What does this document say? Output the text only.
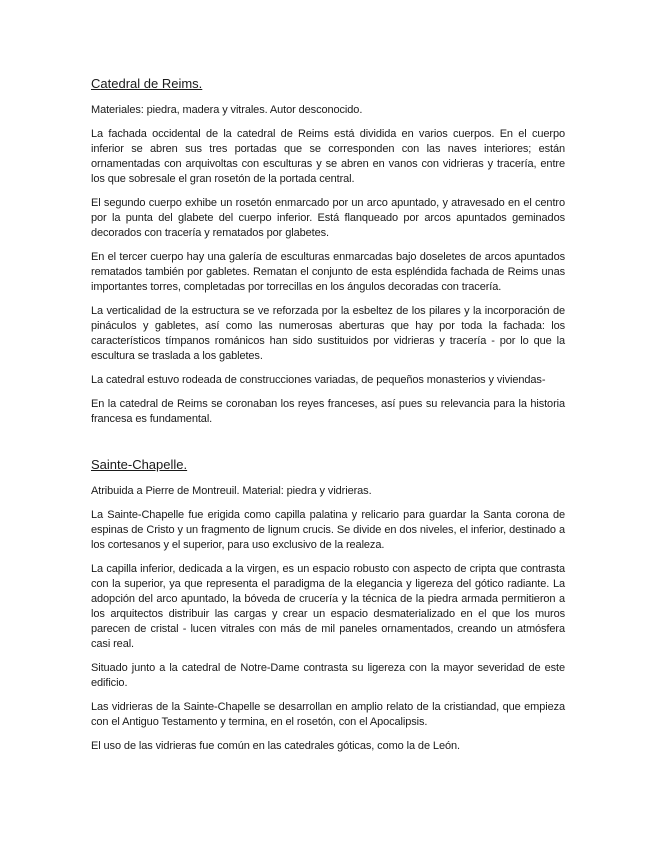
Catedral de Reims.

Materiales: piedra, madera y vitrales. Autor desconocido.

La fachada occidental de la catedral de Reims está dividida en varios cuerpos. En el cuerpo inferior se abren sus tres portadas que se corresponden con las naves interiores; están ornamentadas con arquivoltas con esculturas y se abren en vanos con vidrieras y tracería, entre los que sobresale el gran rosetón de la portada central.

El segundo cuerpo exhibe un rosetón enmarcado por un arco apuntado, y atravesado en el centro por la punta del glabete del cuerpo inferior. Está flanqueado por arcos apuntados geminados decorados con tracería y rematados por glabetes.

En el tercer cuerpo hay una galería de esculturas enmarcadas bajo doseletes de arcos apuntados rematados también por gabletes. Rematan el conjunto de esta espléndida fachada de Reims unas importantes torres, completadas por torrecillas en los ángulos decoradas con tracería.

La verticalidad de la estructura se ve reforzada por la esbeltez de los pilares y la incorporación de pináculos y gabletes, así como las numerosas aberturas que hay por toda la fachada: los característicos tímpanos románicos han sido sustituidos por vidrieras y tracería - por lo que la escultura se traslada a los gabletes.

La catedral estuvo rodeada de construcciones variadas, de pequeños monasterios y viviendas-

En la catedral de Reims se coronaban los reyes franceses, así pues su relevancia para la historia francesa es fundamental.

Sainte-Chapelle.

Atribuida a Pierre de Montreuil. Material: piedra y vidrieras.

La Sainte-Chapelle fue erigida como capilla palatina y relicario para guardar la Santa corona de espinas de Cristo y un fragmento de lignum crucis. Se divide en dos niveles, el inferior, destinado a los cortesanos y el superior, para uso exclusivo de la realeza.

La capilla inferior, dedicada a la virgen, es un espacio robusto con aspecto de cripta que contrasta con la superior, ya que representa el paradigma de la elegancia y ligereza del gótico radiante. La adopción del arco apuntado, la bóveda de crucería y la técnica de la piedra armada permitieron a los arquitectos distribuir las cargas y crear un espacio desmaterializado en el que los muros parecen de cristal - lucen vitrales con más de mil paneles ornamentados, creando un atmósfera casi real.

Situado junto a la catedral de Notre-Dame contrasta su ligereza con la mayor severidad de este edificio.

Las vidrieras de la Sainte-Chapelle se desarrollan en amplio relato de la cristiandad, que empieza con el Antiguo Testamento y termina, en el rosetón, con el Apocalipsis.

El uso de las vidrieras fue común en las catedrales góticas, como la de León.
